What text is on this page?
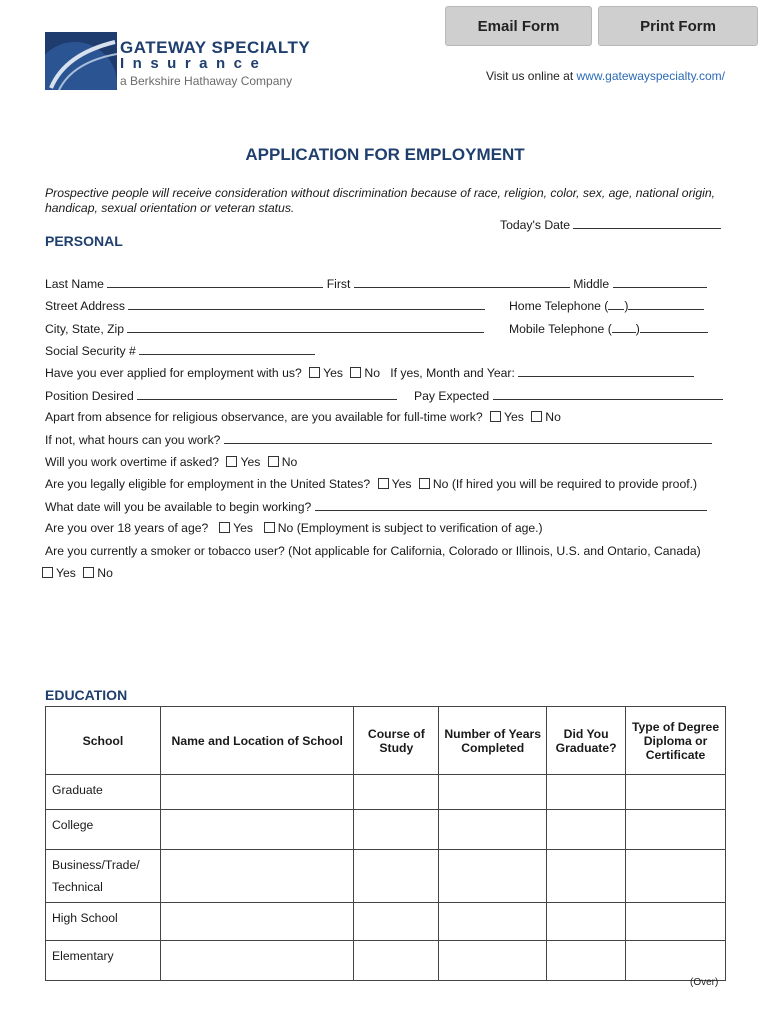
Email Form	Print Form
GATEWAY SPECIALTY
Insurance
a Berkshire Hathaway Company	Visit us online at www.gatewayspecialty.com/
APPLICATION FOR EMPLOYMENT
Prospective people will receive consideration without discrimination because of race, religion, color, sex, age, national origin, handicap, sexual orientation or veteran status.
Today's Date
PERSONAL
Last Name	First	Middle
Street Address	Home Telephone ( )
City, State, Zip	Mobile Telephone ( )
Social Security #
Have you ever applied for employment with us? Yes No If yes, Month and Year:
Position Desired	Pay Expected
Apart from absence for religious observance, are you available for full-time work? Yes No
If not, what hours can you work?
Will you work overtime if asked? Yes No
Are you legally eligible for employment in the United States? Yes No (If hired you will be required to provide proof.)
What date will you be available to begin working?
Are you over 18 years of age? Yes No (Employment is subject to verification of age.)
Are you currently a smoker or tobacco user? (Not applicable for California, Colorado or Illinois, U.S. and Ontario, Canada)
Yes No
EDUCATION
School	Name and Location of School	Course of Study	Number of Years Completed	Did You Graduate?	Type of Degree Diploma or Certificate
Graduate					
College					
Business/Trade/
Technical					
High School					
Elementary					
(Over)
